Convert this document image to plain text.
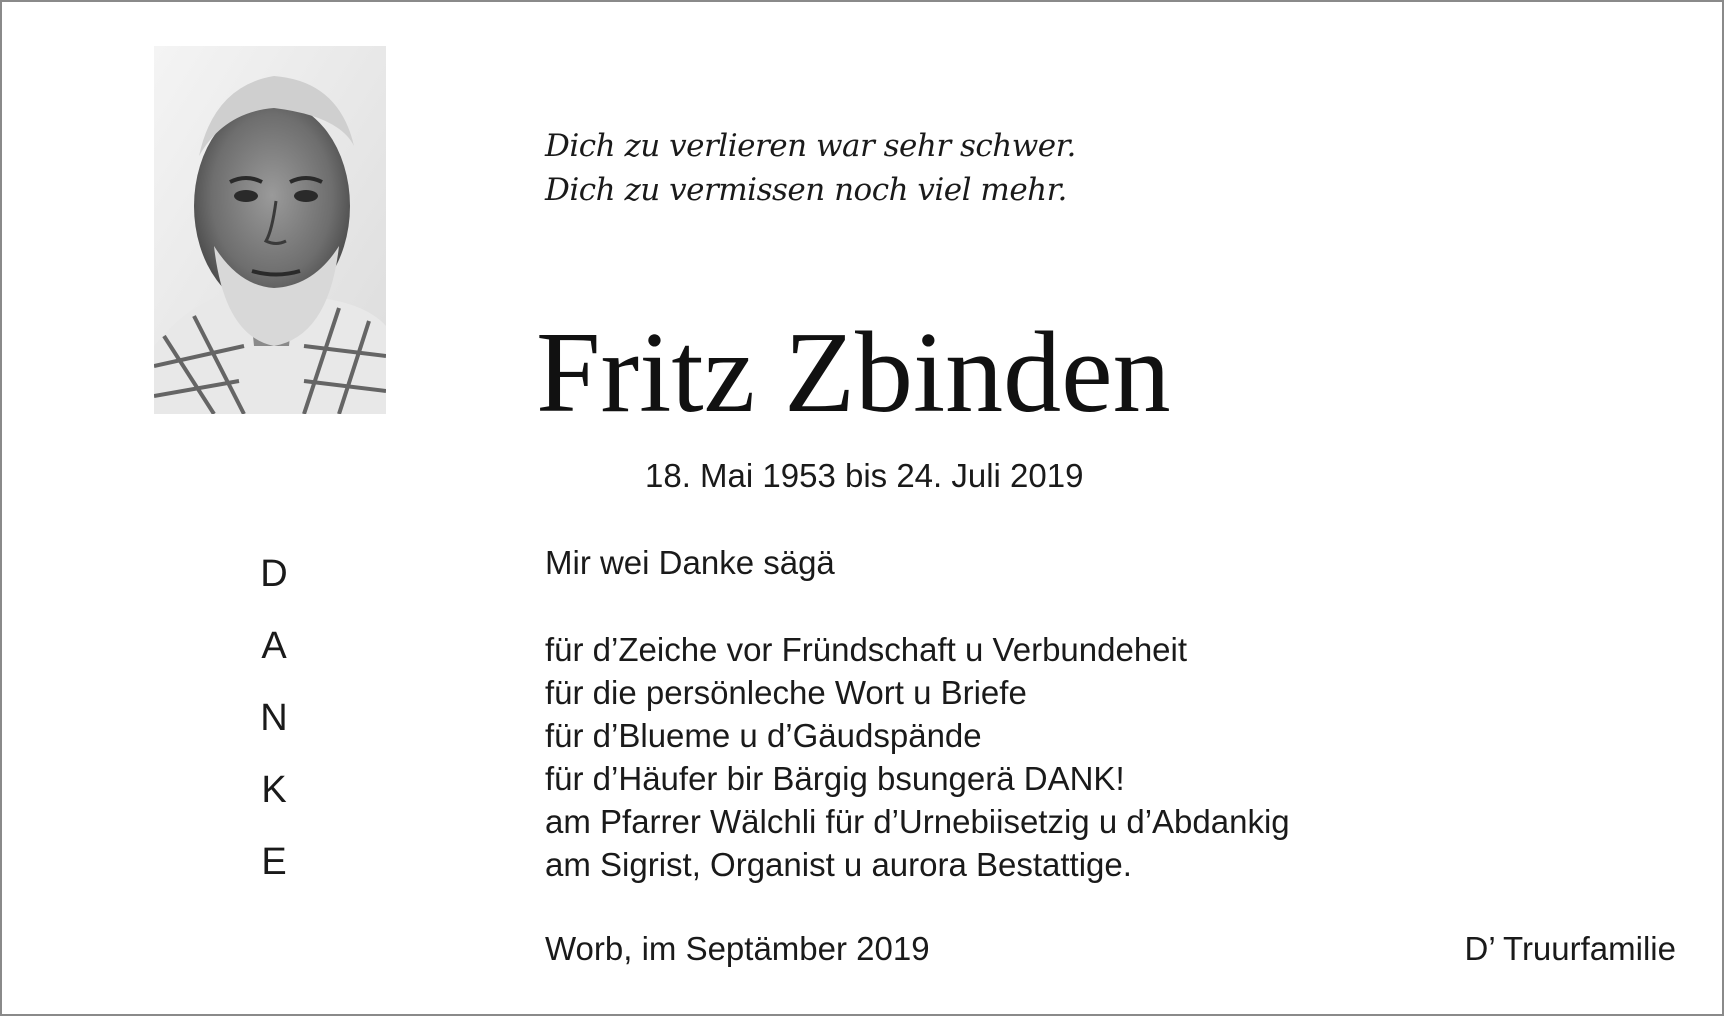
Dich zu verlieren war sehr schwer.
Dich zu vermissen noch viel mehr.
Fritz Zbinden
18. Mai 1953 bis 24. Juli 2019
D
A
N
K
E
Mir wei Danke sägä
für d’Zeiche vor Fründschaft u Verbundeheit
für die persönleche Wort u Briefe
für d’Blueme u d’Gäudspände
für d’Häufer bir Bärgig bsungerä DANK!
am Pfarrer Wälchli für d’Urnebiisetzig u d’Abdankig
am Sigrist, Organist u aurora Bestattige.
Worb, im Septämber 2019	D’ Truurfamilie
